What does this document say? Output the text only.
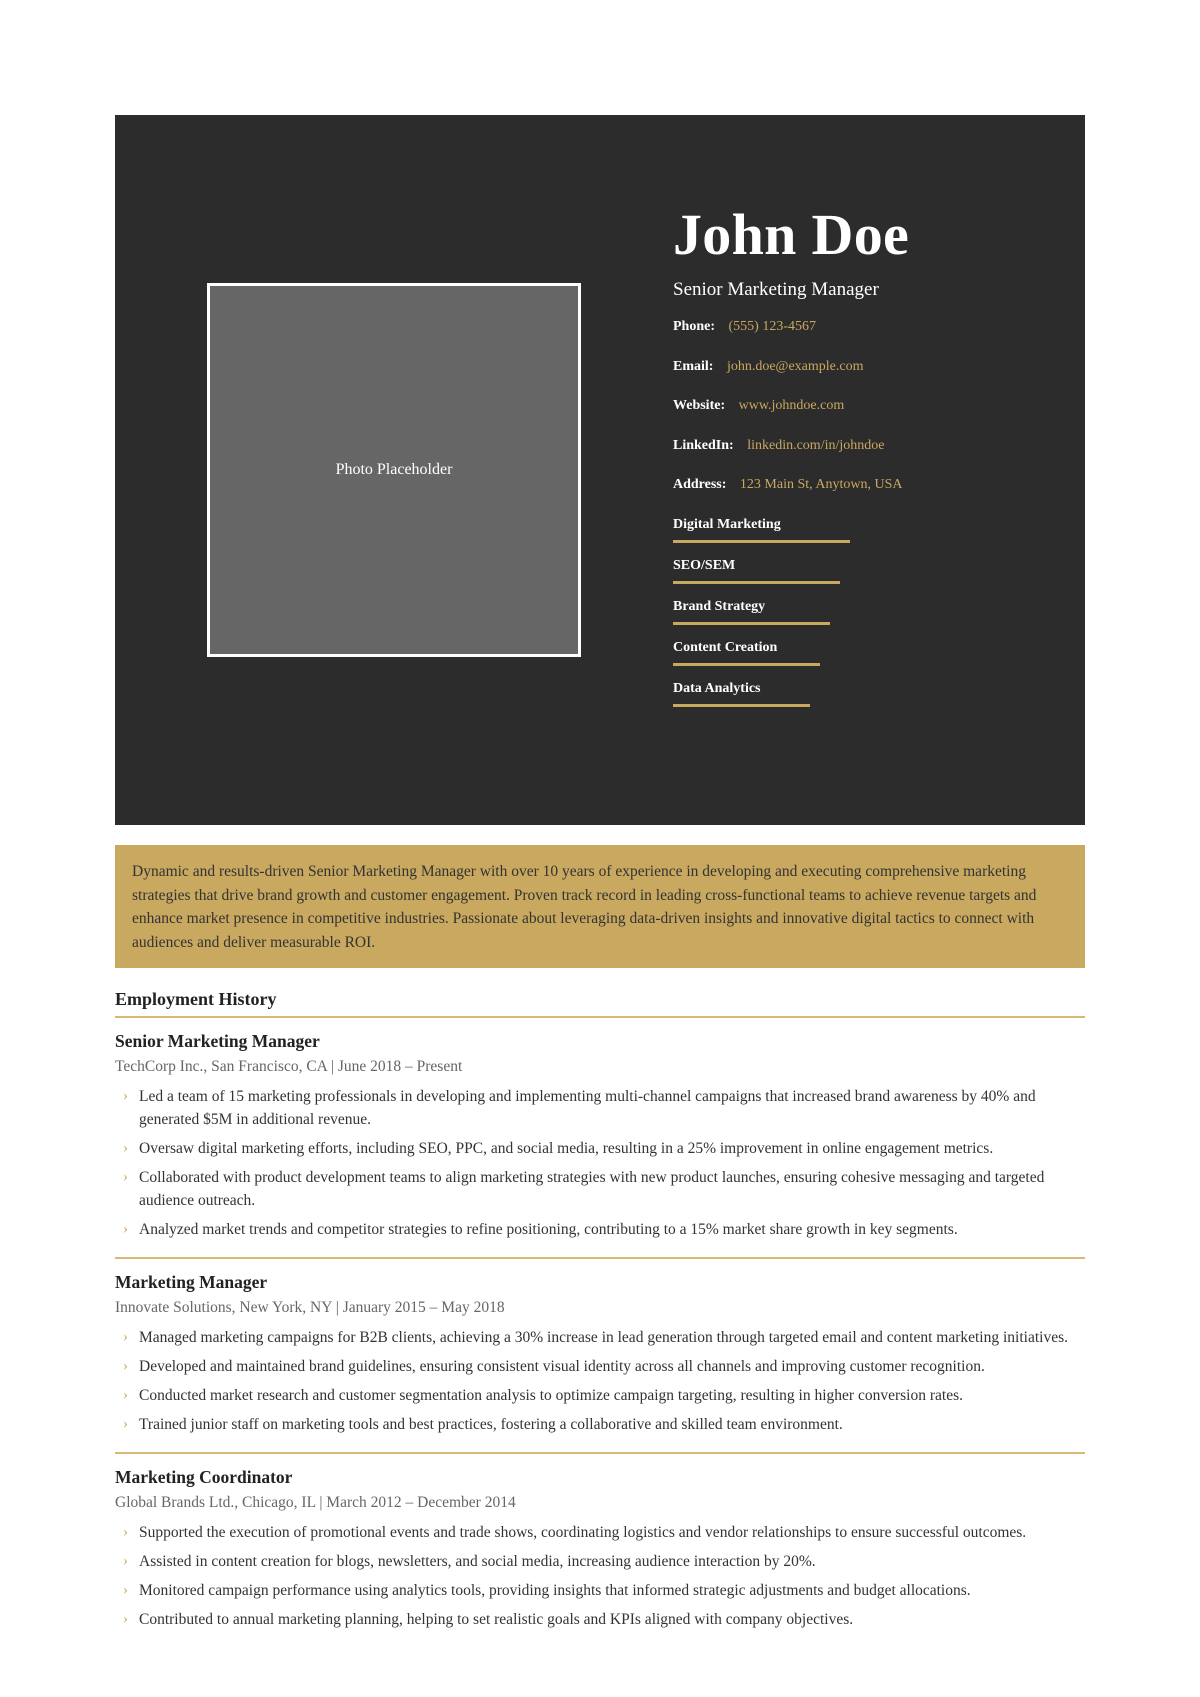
Photo Placeholder
John Doe
Senior Marketing Manager
Phone: (555) 123-4567
Email: john.doe@example.com
Website: www.johndoe.com
LinkedIn: linkedin.com/in/johndoe
Address: 123 Main St, Anytown, USA
Digital Marketing
SEO/SEM
Brand Strategy
Content Creation
Data Analytics
Dynamic and results-driven Senior Marketing Manager with over 10 years of experience in developing and executing comprehensive marketing strategies that drive brand growth and customer engagement. Proven track record in leading cross-functional teams to achieve revenue targets and enhance market presence in competitive industries. Passionate about leveraging data-driven insights and innovative digital tactics to connect with audiences and deliver measurable ROI.
Employment History
Senior Marketing Manager
TechCorp Inc., San Francisco, CA | June 2018 – Present
› Led a team of 15 marketing professionals in developing and implementing multi-channel campaigns that increased brand awareness by 40% and generated $5M in additional revenue.
› Oversaw digital marketing efforts, including SEO, PPC, and social media, resulting in a 25% improvement in online engagement metrics.
› Collaborated with product development teams to align marketing strategies with new product launches, ensuring cohesive messaging and targeted audience outreach.
› Analyzed market trends and competitor strategies to refine positioning, contributing to a 15% market share growth in key segments.
Marketing Manager
Innovate Solutions, New York, NY | January 2015 – May 2018
› Managed marketing campaigns for B2B clients, achieving a 30% increase in lead generation through targeted email and content marketing initiatives.
› Developed and maintained brand guidelines, ensuring consistent visual identity across all channels and improving customer recognition.
› Conducted market research and customer segmentation analysis to optimize campaign targeting, resulting in higher conversion rates.
› Trained junior staff on marketing tools and best practices, fostering a collaborative and skilled team environment.
Marketing Coordinator
Global Brands Ltd., Chicago, IL | March 2012 – December 2014
› Supported the execution of promotional events and trade shows, coordinating logistics and vendor relationships to ensure successful outcomes.
› Assisted in content creation for blogs, newsletters, and social media, increasing audience interaction by 20%.
› Monitored campaign performance using analytics tools, providing insights that informed strategic adjustments and budget allocations.
› Contributed to annual marketing planning, helping to set realistic goals and KPIs aligned with company objectives.
